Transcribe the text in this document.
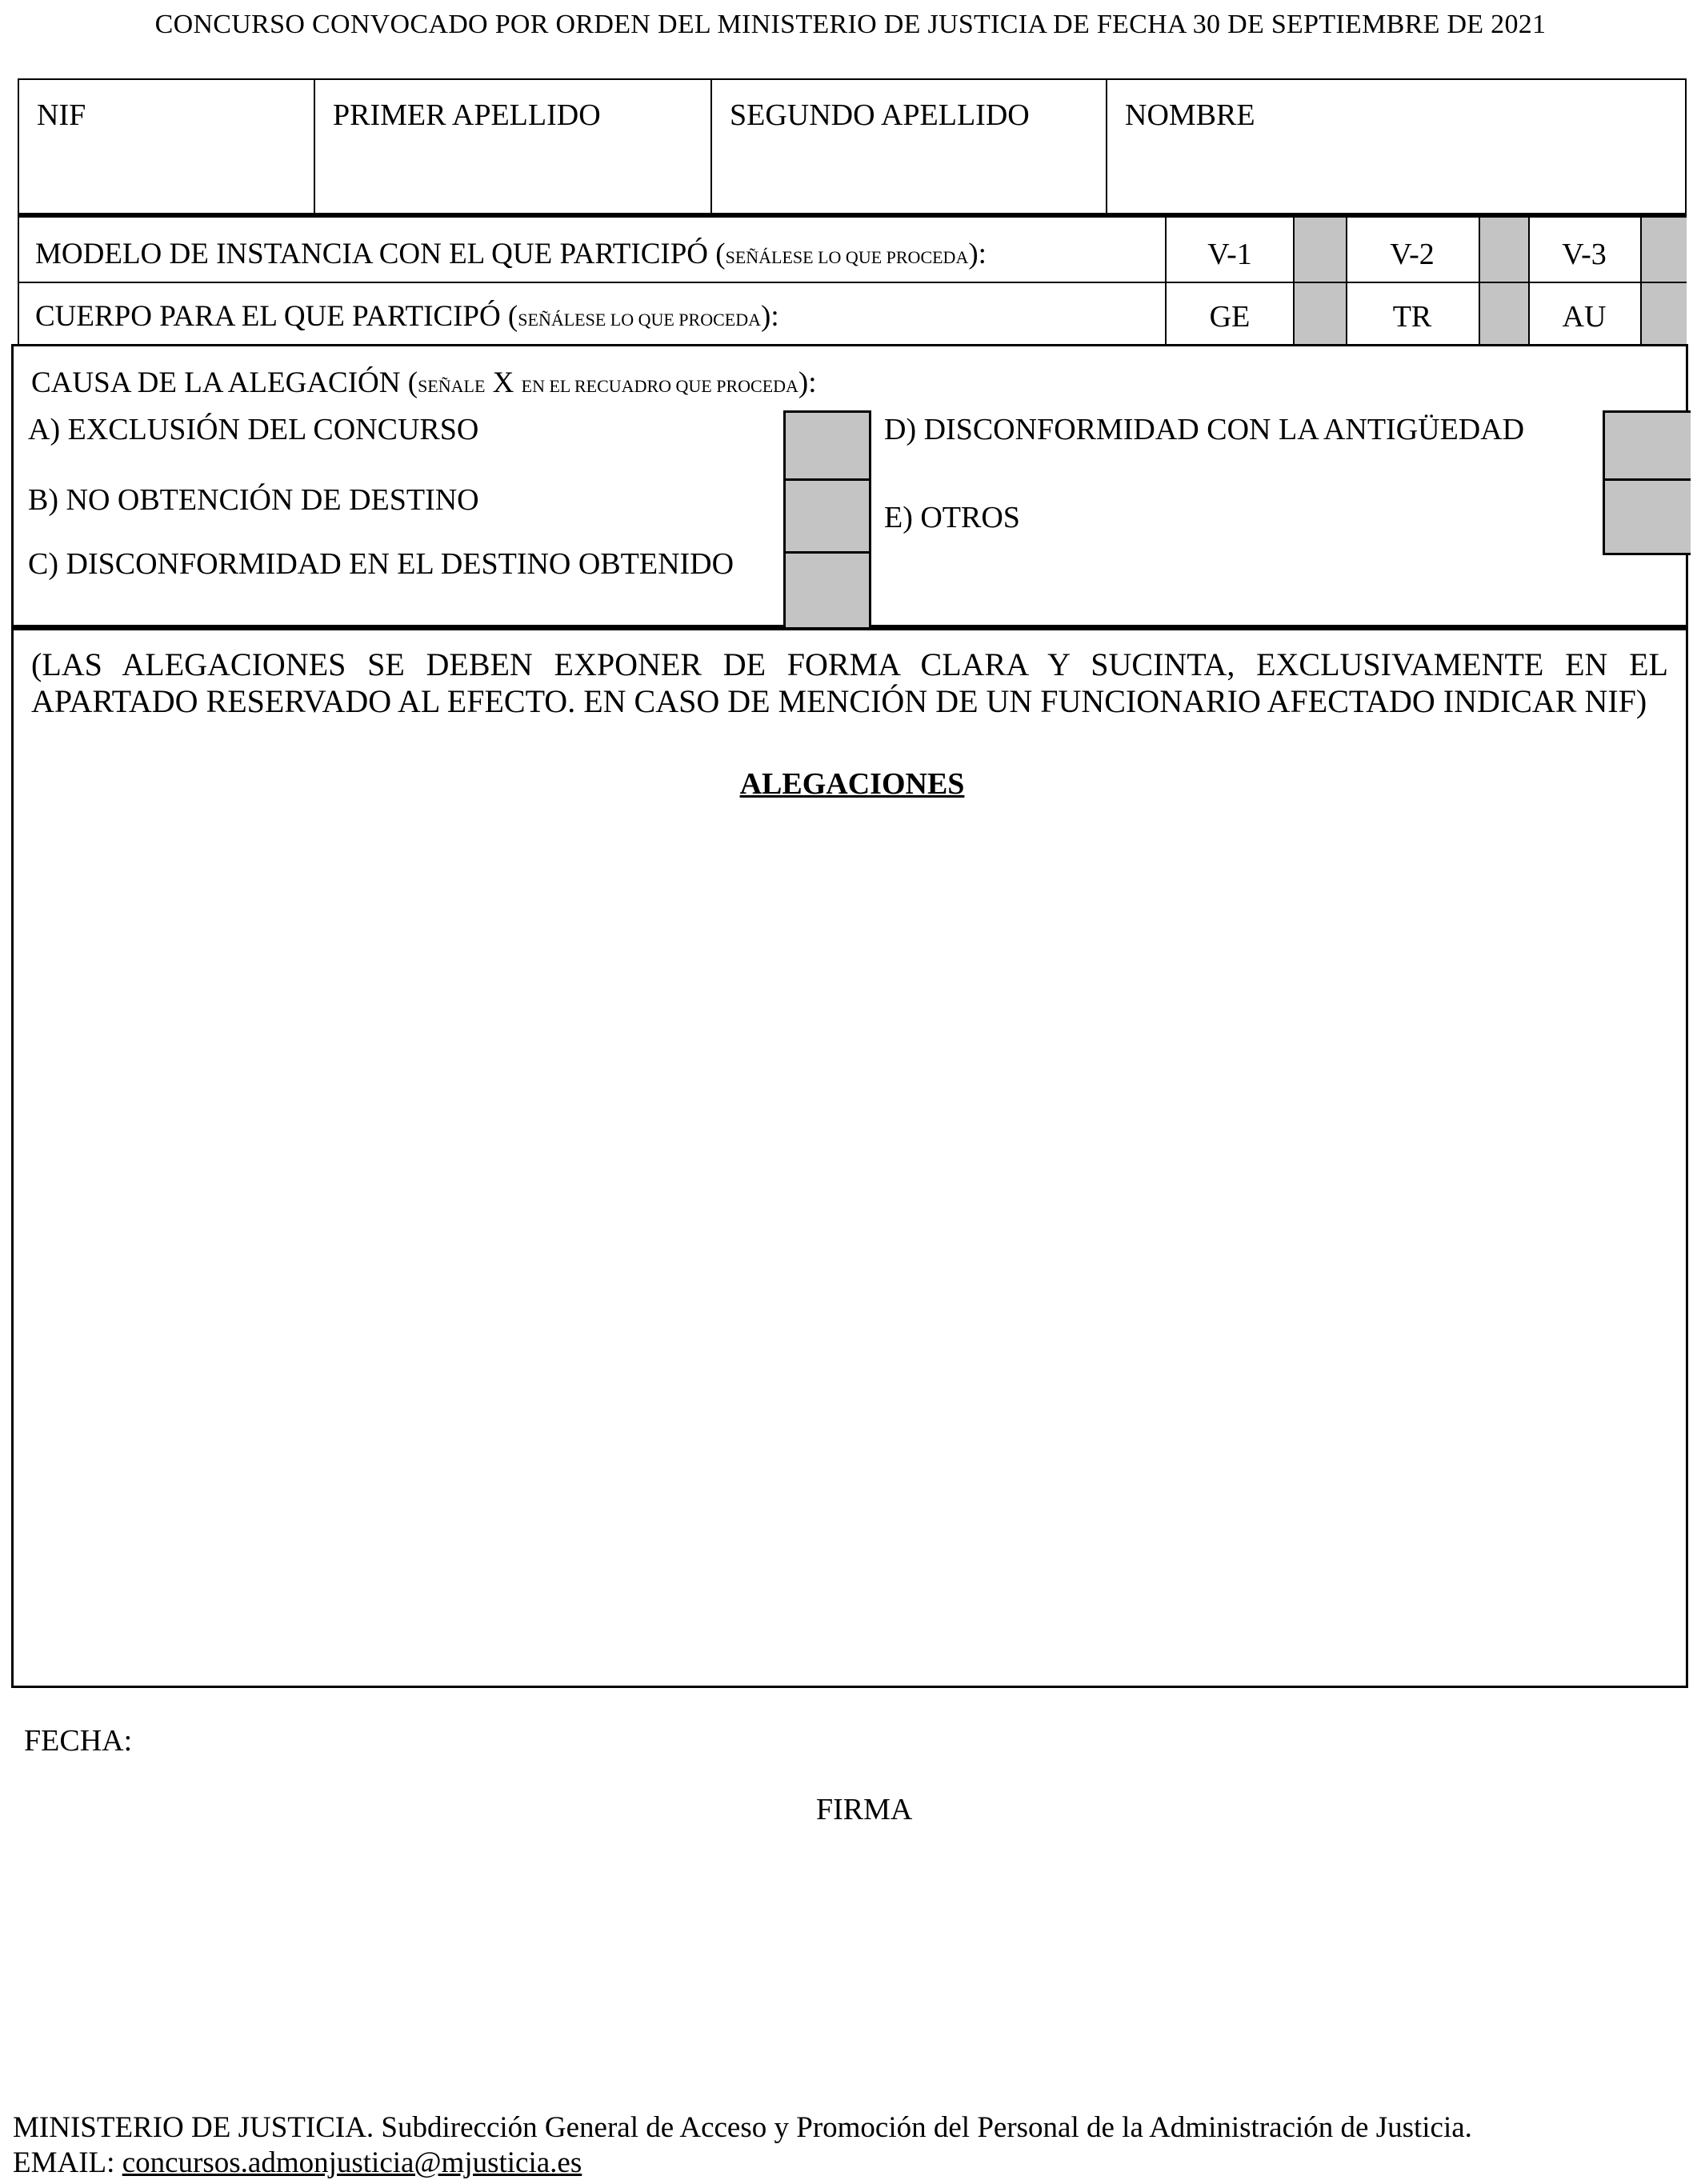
CONCURSO CONVOCADO POR ORDEN DEL MINISTERIO DE JUSTICIA DE FECHA 30 DE SEPTIEMBRE DE 2021
NIF	PRIMER APELLIDO	SEGUNDO APELLIDO	NOMBRE
MODELO DE INSTANCIA CON EL QUE PARTICIPÓ (SEÑÁLESE LO QUE PROCEDA):	V-1	V-2	V-3
CUERPO PARA EL QUE PARTICIPÓ (SEÑÁLESE LO QUE PROCEDA):	GE	TR	AU
CAUSA DE LA ALEGACIÓN (SEÑALE X EN EL RECUADRO QUE PROCEDA):
A) EXCLUSIÓN DEL CONCURSO
B) NO OBTENCIÓN DE DESTINO
C) DISCONFORMIDAD EN EL DESTINO OBTENIDO
D) DISCONFORMIDAD CON LA ANTIGÜEDAD
E) OTROS
(LAS ALEGACIONES SE DEBEN EXPONER DE FORMA CLARA Y SUCINTA, EXCLUSIVAMENTE EN EL APARTADO RESERVADO AL EFECTO. EN CASO DE MENCIÓN DE UN FUNCIONARIO AFECTADO INDICAR NIF)
ALEGACIONES
FECHA:
FIRMA
MINISTERIO DE JUSTICIA. Subdirección General de Acceso y Promoción del Personal de la Administración de Justicia.
EMAIL: concursos.admonjusticia@mjusticia.es
